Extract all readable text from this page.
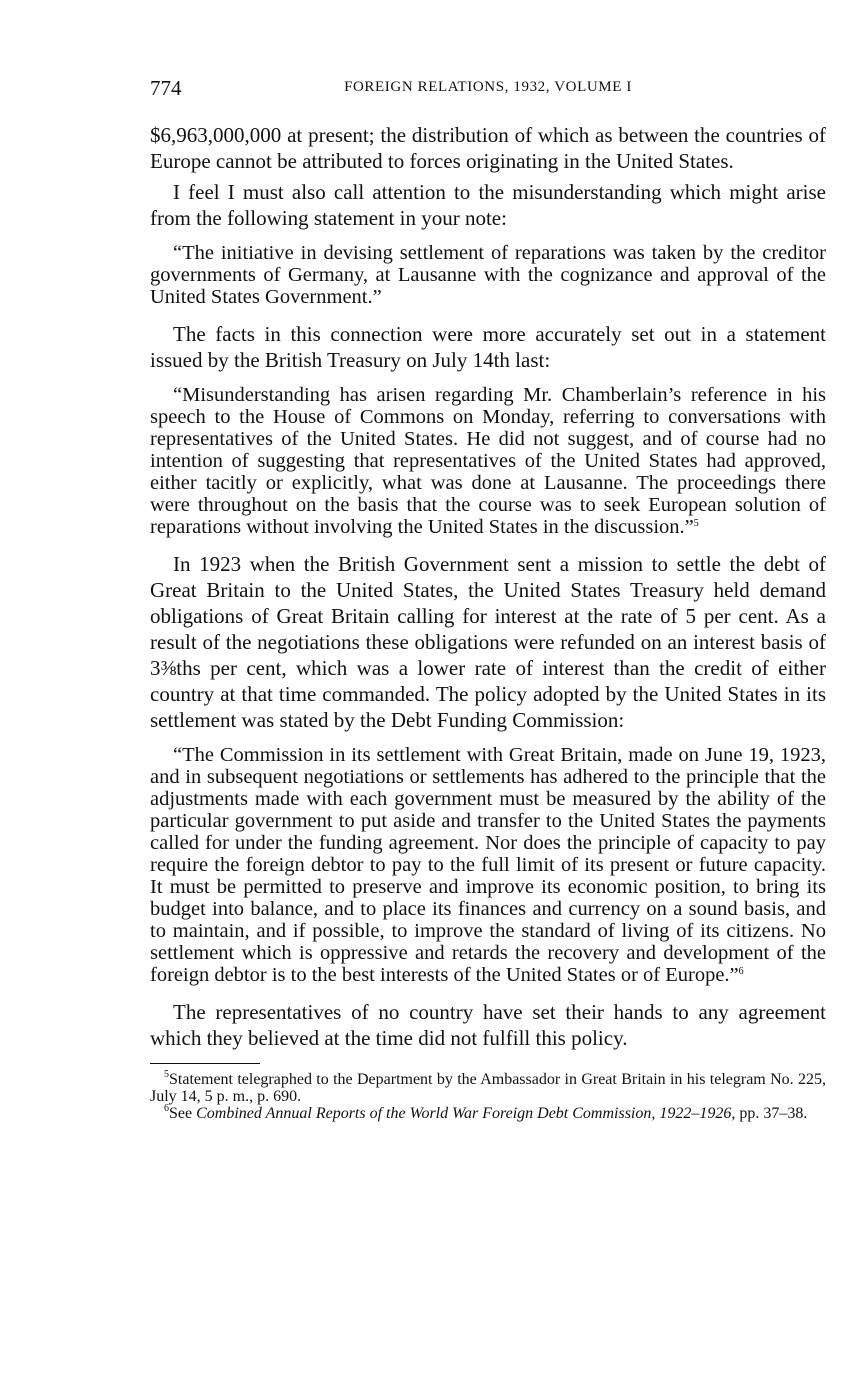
774	FOREIGN RELATIONS, 1932, VOLUME I

$6,963,000,000 at present; the distribution of which as between the countries of Europe cannot be attributed to forces originating in the United States.

I feel I must also call attention to the misunderstanding which might arise from the following statement in your note:

“The initiative in devising settlement of reparations was taken by the creditor governments of Germany, at Lausanne with the cognizance and approval of the United States Government.”

The facts in this connection were more accurately set out in a statement issued by the British Treasury on July 14th last:

“Misunderstanding has arisen regarding Mr. Chamberlain’s reference in his speech to the House of Commons on Monday, referring to conversations with representatives of the United States. He did not suggest, and of course had no intention of suggesting that representatives of the United States had approved, either tacitly or explicitly, what was done at Lausanne. The proceedings there were throughout on the basis that the course was to seek European solution of reparations without involving the United States in the discussion.”$^5$

In 1923 when the British Government sent a mission to settle the debt of Great Britain to the United States, the United States Treasury held demand obligations of Great Britain calling for interest at the rate of 5 per cent. As a result of the negotiations these obligations were refunded on an interest basis of 3⅜ths per cent, which was a lower rate of interest than the credit of either country at that time commanded. The policy adopted by the United States in its settlement was stated by the Debt Funding Commission:

“The Commission in its settlement with Great Britain, made on June 19, 1923, and in subsequent negotiations or settlements has adhered to the principle that the adjustments made with each government must be measured by the ability of the particular government to put aside and transfer to the United States the payments called for under the funding agreement. Nor does the principle of capacity to pay require the foreign debtor to pay to the full limit of its present or future capacity. It must be permitted to preserve and improve its economic position, to bring its budget into balance, and to place its finances and currency on a sound basis, and to maintain, and if possible, to improve the standard of living of its citizens. No settlement which is oppressive and retards the recovery and development of the foreign debtor is to the best interests of the United States or of Europe.”$^6$

The representatives of no country have set their hands to any agreement which they believed at the time did not fulfill this policy.

$^5$Statement telegraphed to the Department by the Ambassador in Great Britain in his telegram No. 225, July 14, 5 p. m., p. 690.

$^6$See Combined Annual Reports of the World War Foreign Debt Commission, 1922–1926, pp. 37–38.
